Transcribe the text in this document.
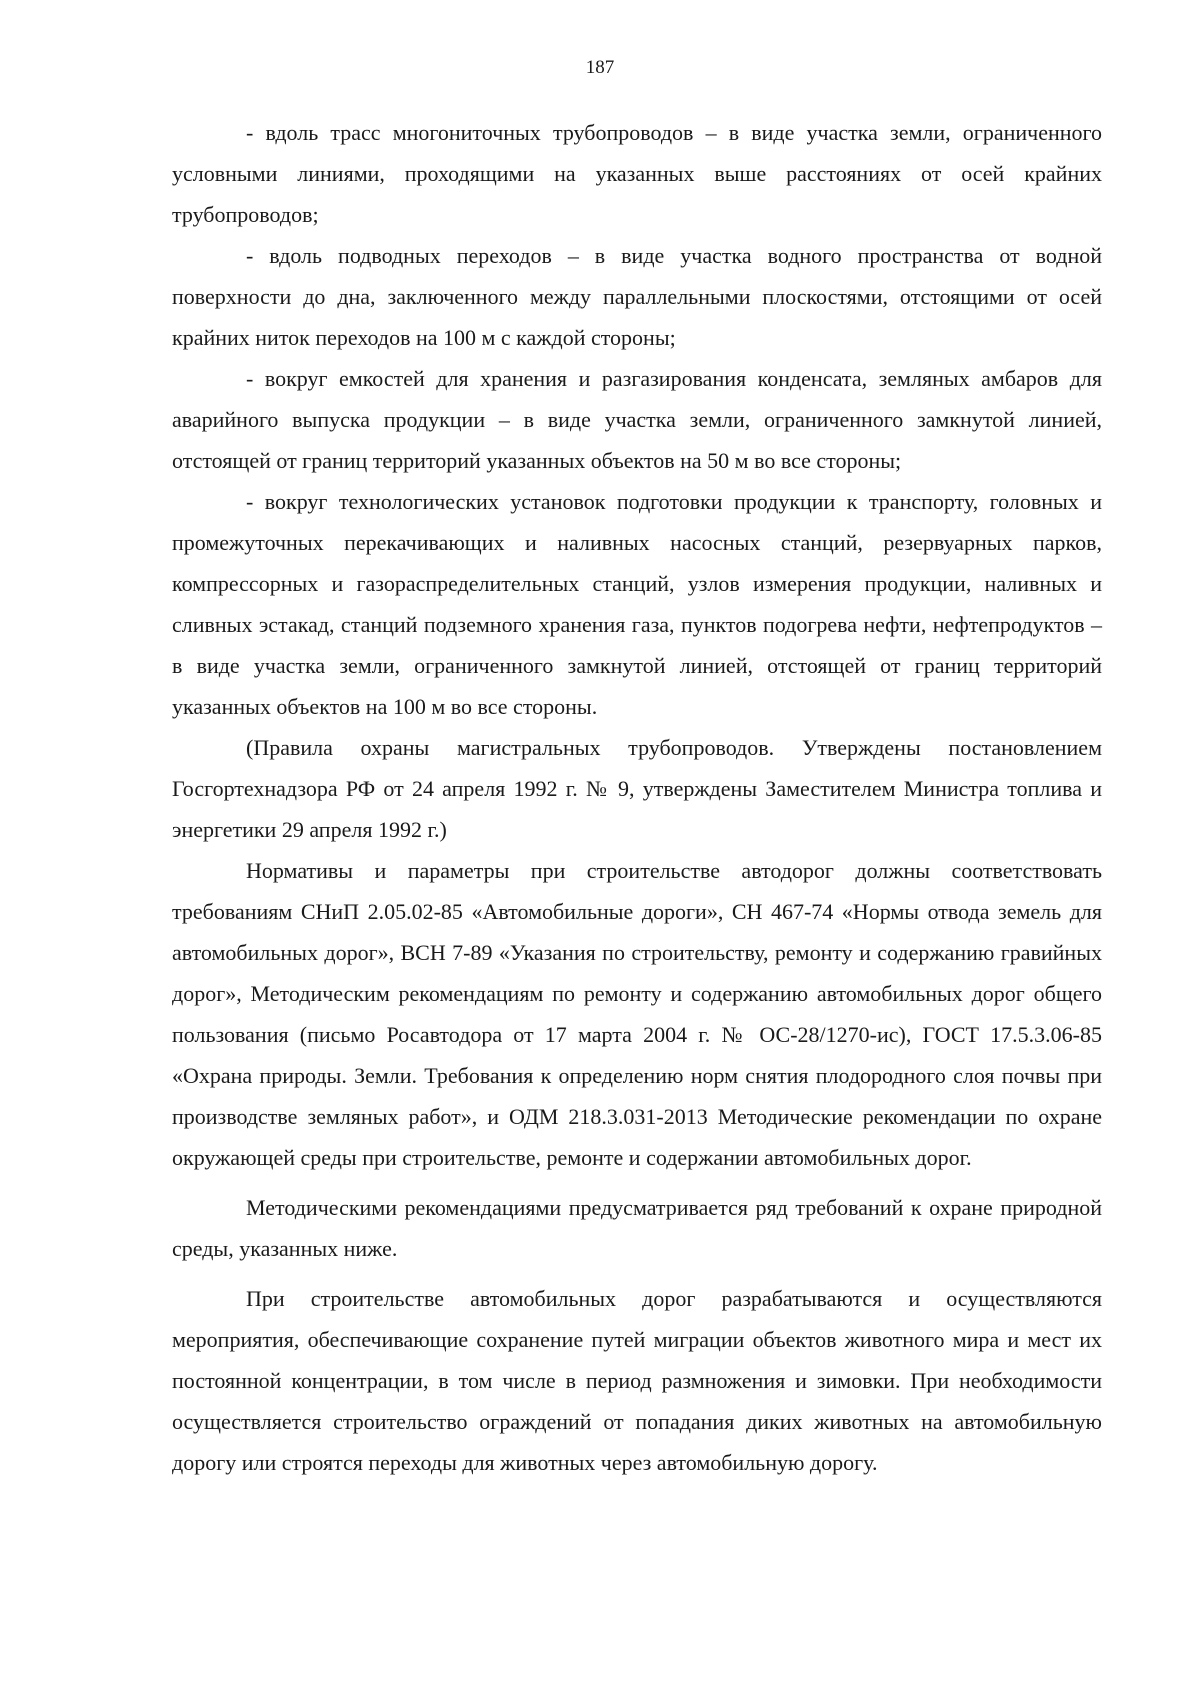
187

- вдоль трасс многониточных трубопроводов – в виде участка земли, ограниченного условными линиями, проходящими на указанных выше расстояниях от осей крайних трубопроводов;

- вдоль подводных переходов – в виде участка водного пространства от водной поверхности до дна, заключенного между параллельными плоскостями, отстоящими от осей крайних ниток переходов на 100 м с каждой стороны;

- вокруг емкостей для хранения и разгазирования конденсата, земляных амбаров для аварийного выпуска продукции – в виде участка земли, ограниченного замкнутой линией, отстоящей от границ территорий указанных объектов на 50 м во все стороны;

- вокруг технологических установок подготовки продукции к транспорту, головных и промежуточных перекачивающих и наливных насосных станций, резервуарных парков, компрессорных и газораспределительных станций, узлов измерения продукции, наливных и сливных эстакад, станций подземного хранения газа, пунктов подогрева нефти, нефтепродуктов – в виде участка земли, ограниченного замкнутой линией, отстоящей от границ территорий указанных объектов на 100 м во все стороны.

(Правила охраны магистральных трубопроводов. Утверждены постановлением Госгортехнадзора РФ от 24 апреля 1992 г. № 9, утверждены Заместителем Министра топлива и энергетики 29 апреля 1992 г.)

Нормативы и параметры при строительстве автодорог должны соответствовать требованиям СНиП 2.05.02-85 «Автомобильные дороги», СН 467-74 «Нормы отвода земель для автомобильных дорог», ВСН 7-89 «Указания по строительству, ремонту и содержанию гравийных дорог», Методическим рекомендациям по ремонту и содержанию автомобильных дорог общего пользования (письмо Росавтодора от 17 марта 2004 г. № ОС-28/1270-ис), ГОСТ 17.5.3.06-85 «Охрана природы. Земли. Требования к определению норм снятия плодородного слоя почвы при производстве земляных работ», и ОДМ 218.3.031-2013 Методические рекомендации по охране окружающей среды при строительстве, ремонте и содержании автомобильных дорог.

Методическими рекомендациями предусматривается ряд требований к охране природной среды, указанных ниже.

При строительстве автомобильных дорог разрабатываются и осуществляются мероприятия, обеспечивающие сохранение путей миграции объектов животного мира и мест их постоянной концентрации, в том числе в период размножения и зимовки. При необходимости осуществляется строительство ограждений от попадания диких животных на автомобильную дорогу или строятся переходы для животных через автомобильную дорогу.
